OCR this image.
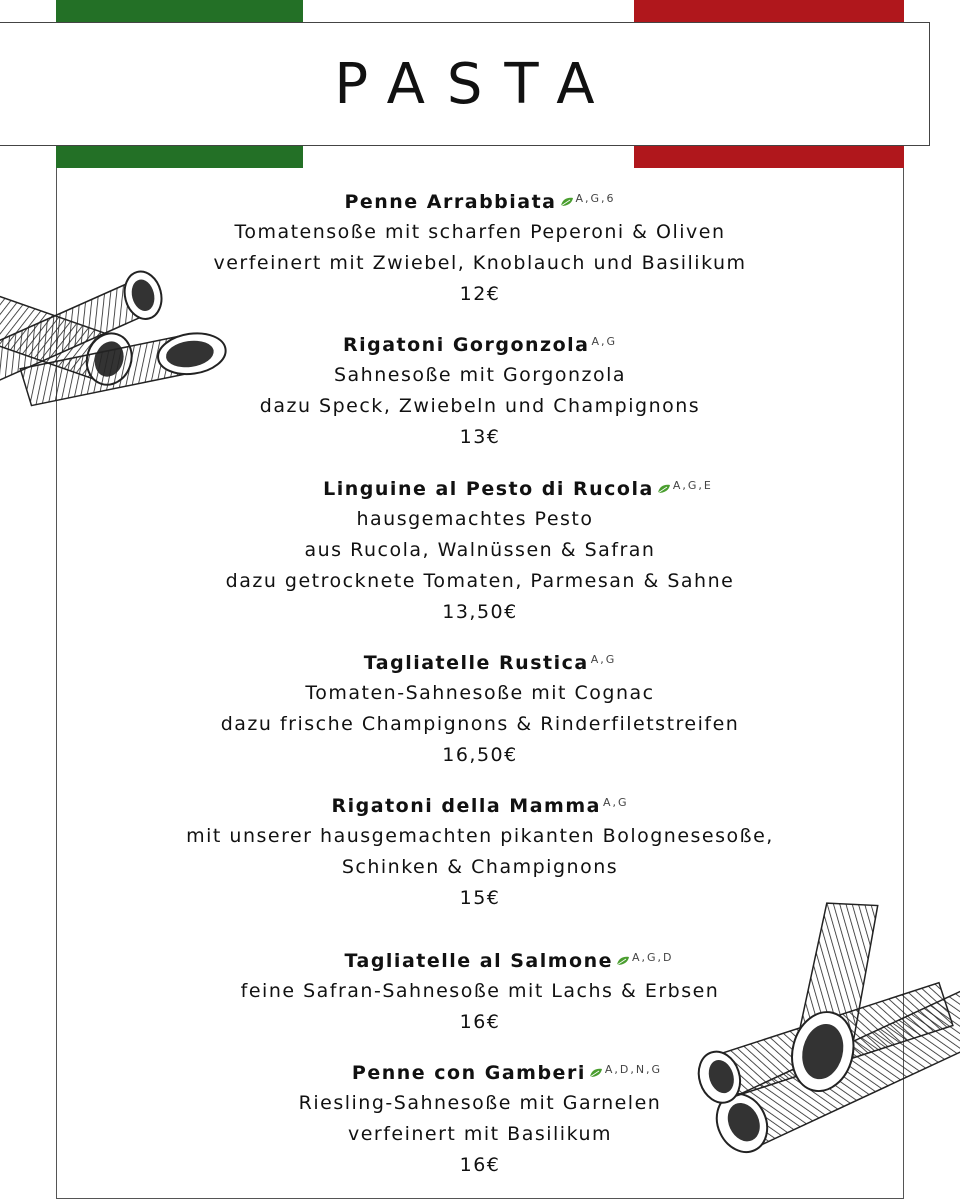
PASTA
Penne Arrabbiata $^{A,G,6}$
Tomatensoße mit scharfen Peperoni & Oliven
verfeinert mit Zwiebel, Knoblauch und Basilikum
12€
Rigatoni Gorgonzola $^{A,G}$
Sahnesoße mit Gorgonzola
dazu Speck, Zwiebeln und Champignons
13€
Linguine al Pesto di Rucola $^{A,G,E}$
hausgemachtes Pesto
aus Rucola, Walnüssen & Safran
dazu getrocknete Tomaten, Parmesan & Sahne
13,50€
Tagliatelle Rustica $^{A,G}$
Tomaten-Sahnesoße mit Cognac
dazu frische Champignons & Rinderfiletstreifen
16,50€
Rigatoni della Mamma $^{A,G}$
mit unserer hausgemachten pikanten Bolognesesoße,
Schinken & Champignons
15€
Tagliatelle al Salmone $^{A,G,D}$
feine Safran-Sahnesoße mit Lachs & Erbsen
16€
Penne con Gamberi $^{A,D,N,G}$
Riesling-Sahnesoße mit Garnelen
verfeinert mit Basilikum
16€
